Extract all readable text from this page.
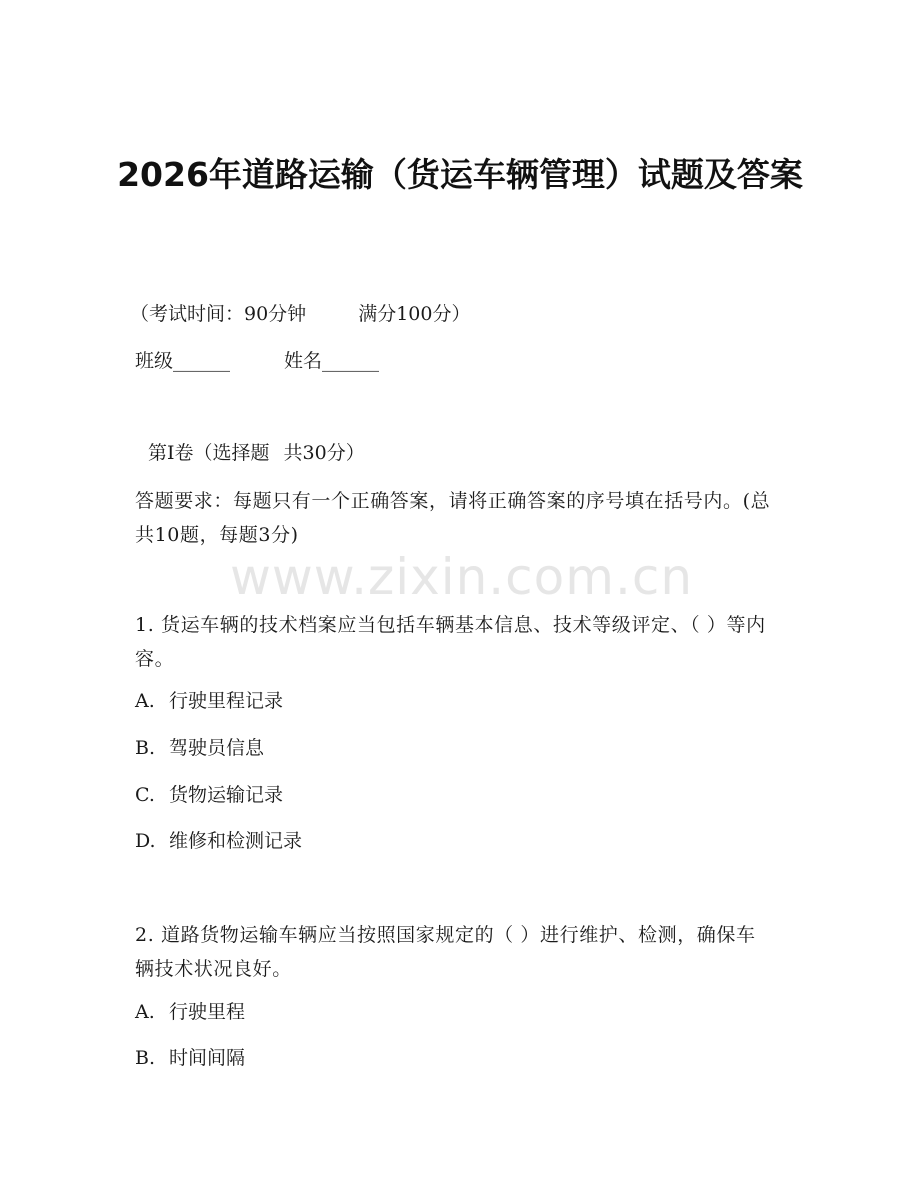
2026年道路运输（货运车辆管理）试题及答案
（考试时间：90分钟	满分100分）
班级______	姓名______
第Ⅰ卷（选择题 共30分）
答题要求：每题只有一个正确答案，请将正确答案的序号填在括号内。(总共10题，每题3分)
www.zixin.com.cn
1. 货运车辆的技术档案应当包括车辆基本信息、技术等级评定、（ ）等内容。
A. 行驶里程记录
B. 驾驶员信息
C. 货物运输记录
D. 维修和检测记录
2. 道路货物运输车辆应当按照国家规定的（ ）进行维护、检测，确保车辆技术状况良好。
A. 行驶里程
B. 时间间隔
